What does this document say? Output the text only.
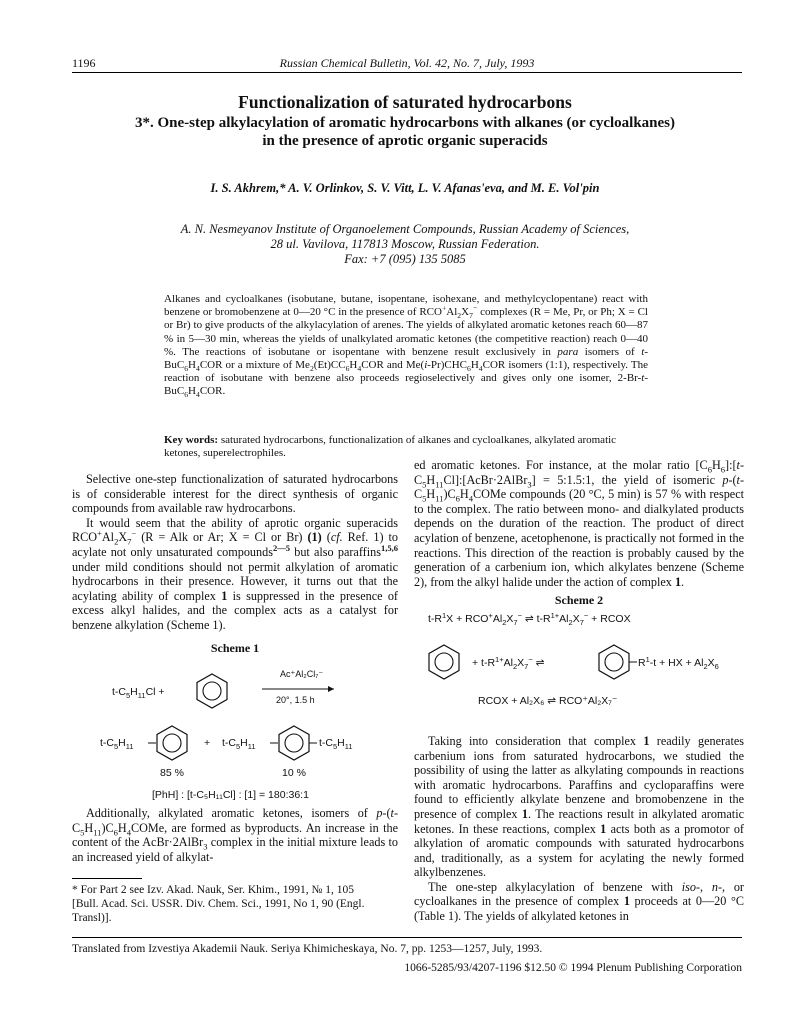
1196	Russian Chemical Bulletin, Vol. 42, No. 7, July, 1993
Functionalization of saturated hydrocarbons
3*. One-step alkylacylation of aromatic hydrocarbons with alkanes (or cycloalkanes)
in the presence of aprotic organic superacids
I. S. Akhrem,* A. V. Orlinkov, S. V. Vitt, L. V. Afanas'eva, and M. E. Vol'pin
A. N. Nesmeyanov Institute of Organoelement Compounds, Russian Academy of Sciences,
28 ul. Vavilova, 117813 Moscow, Russian Federation.
Fax: +7 (095) 135 5085
Alkanes and cycloalkanes (isobutane, butane, isopentane, isohexane, and methylcyclopentane) react with benzene or bromobenzene at 0—20 °C in the presence of $RCO^+Al_2X_7^-$ complexes (R = Me, Pr, or Ph; X = Cl or Br) to give products of the alkylacylation of arenes. The yields of alkylated aromatic ketones reach 60—87 % in 5—30 min, whereas the yields of unalkylated aromatic ketones (the competitive reaction) reach 0—40 %. The reactions of isobutane or isopentane with benzene result exclusively in para isomers of $t-BuC_6H_4COR$ or a mixture of $Me_2(Et)CC_6H_4COR$ and $Me(i-Pr)CHC_6H_4COR$ isomers (1:1), respectively. The reaction of isobutane with benzene also proceeds regioselectively and gives only one isomer, $2-Br-t-BuC_6H_4COR$.
Key words: saturated hydrocarbons, functionalization of alkanes and cycloalkanes, alkylated aromatic ketones, superelectrophiles.

Selective one-step functionalization of saturated hydrocarbons is of considerable interest for the direct synthesis of organic compounds from available raw hydrocarbons.

It would seem that the ability of aprotic organic superacids $RCO^+Al_2X_7^-$ (R = Alk or Ar; X = Cl or Br) (1) (cf. Ref. 1) to acylate not only unsaturated compounds$^{2—5}$ but also paraffins$^{1,5,6}$ under mild conditions should not permit alkylation of aromatic hydrocarbons in their presence. However, it turns out that the acylating ability of complex 1 is suppressed in the presence of excess alkyl halides, and the complex acts as a catalyst for benzene alkylation (Scheme 1).

Scheme 1
$t-C_5H_{11}Cl$ +
Ac⁺Al₂Cl₇⁻
20°, 1.5 h
$t-C_5H_{11}$	+ $t-C_5H_{11}$	$t-C_5H_{11}$
85 %	10 %
[PhH] : [t-C₅H₁₁Cl] : [1] = 180:36:1

Additionally, alkylated aromatic ketones, isomers of $p-(t-C_5H_{11})C_6H_4COMe$, are formed as byproducts. An increase in the content of the AcBr·2AlBr$_3$ complex in the initial mixture leads to an increased yield of alkylat-

* For Part 2 see Izv. Akad. Nauk, Ser. Khim., 1991, № 1, 105
[Bull. Acad. Sci. USSR. Div. Chem. Sci., 1991, No 1, 90 (Engl.
Transl)].

ed aromatic ketones. For instance, at the molar ratio $[C_6H_6]:[t-C_5H_{11}Cl]:[AcBr\cdot 2AlBr_3]$ = 5:1.5:1, the yield of isomeric $p-(t-C_5H_{11})C_6H_4COMe$ compounds (20 °C, 5 min) is 57 % with respect to the complex. The ratio between mono- and dialkylated products depends on the duration of the reaction. The product of direct acylation of benzene, acetophenone, is practically not formed in the reactions. This direction of the reaction is probably caused by the generation of a carbenium ion, which alkylates benzene (Scheme 2), from the alkyl halide under the action of complex 1.

Scheme 2
$t-R^1X + RCO^+Al_2X_7^-$ ⇌ $t-R^{1+}Al_2X_7^-$ + RCOX
+ $t-R^{1+}Al_2X_7^-$ ⇌	$R^1-t$ + HX + $Al_2X_6$
RCOX + Al₂X₆ ⇌ RCO⁺Al₂X₇⁻

Taking into consideration that complex 1 readily generates carbenium ions from saturated hydrocarbons, we studied the possibility of using the latter as alkylating compounds in reactions with aromatic hydrocarbons. Paraffins and cycloparaffins were found to efficiently alkylate benzene and bromobenzene in the presence of complex 1. The reactions result in alkylated aromatic ketones. In these reactions, complex 1 acts both as a promotor of alkylation of aromatic compounds with saturated hydrocarbons and, traditionally, as a system for acylating the newly formed alkylbenzenes.

The one-step alkylacylation of benzene with iso-, n-, or cycloalkanes in the presence of complex 1 proceeds at 0—20 °C (Table 1). The yields of alkylated ketones in

Translated from Izvestiya Akademii Nauk. Seriya Khimicheskaya, No. 7, pp. 1253—1257, July, 1993.
1066-5285/93/4207-1196 $12.50 © 1994 Plenum Publishing Corporation
